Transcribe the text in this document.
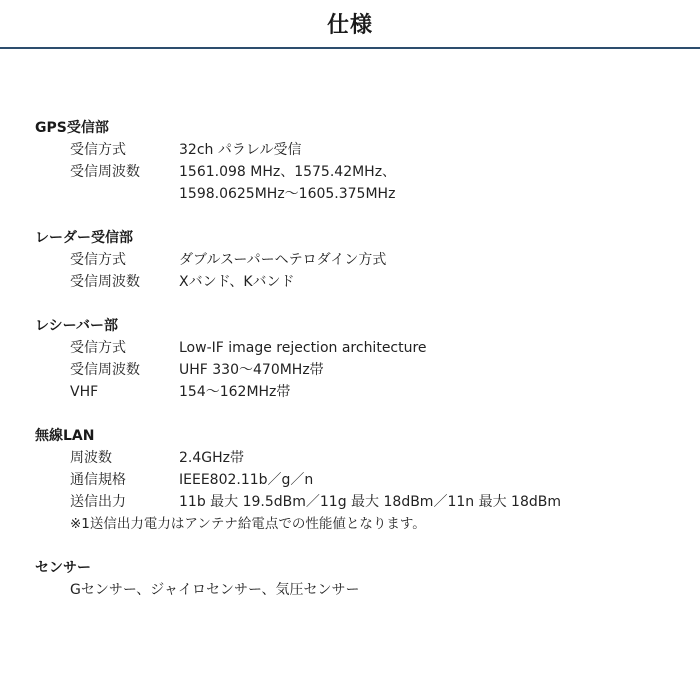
仕様
GPS受信部
受信方式	32ch パラレル受信
受信周波数	1561.098 MHz、1575.42MHz、
1598.0625MHz〜1605.375MHz
レーダー受信部
受信方式	ダブルスーパーヘテロダイン方式
受信周波数	Xバンド、Kバンド
レシーバー部
受信方式	Low-IF image rejection architecture
受信周波数	UHF 330〜470MHz帯
VHF	154〜162MHz帯
無線LAN
周波数	2.4GHz帯
通信規格	IEEE802.11b／g／n
送信出力	11b 最大 19.5dBm／11g 最大 18dBm／11n 最大 18dBm
※1送信出力電力はアンテナ給電点での性能値となります。
センサー
Gセンサー、ジャイロセンサー、気圧センサー
